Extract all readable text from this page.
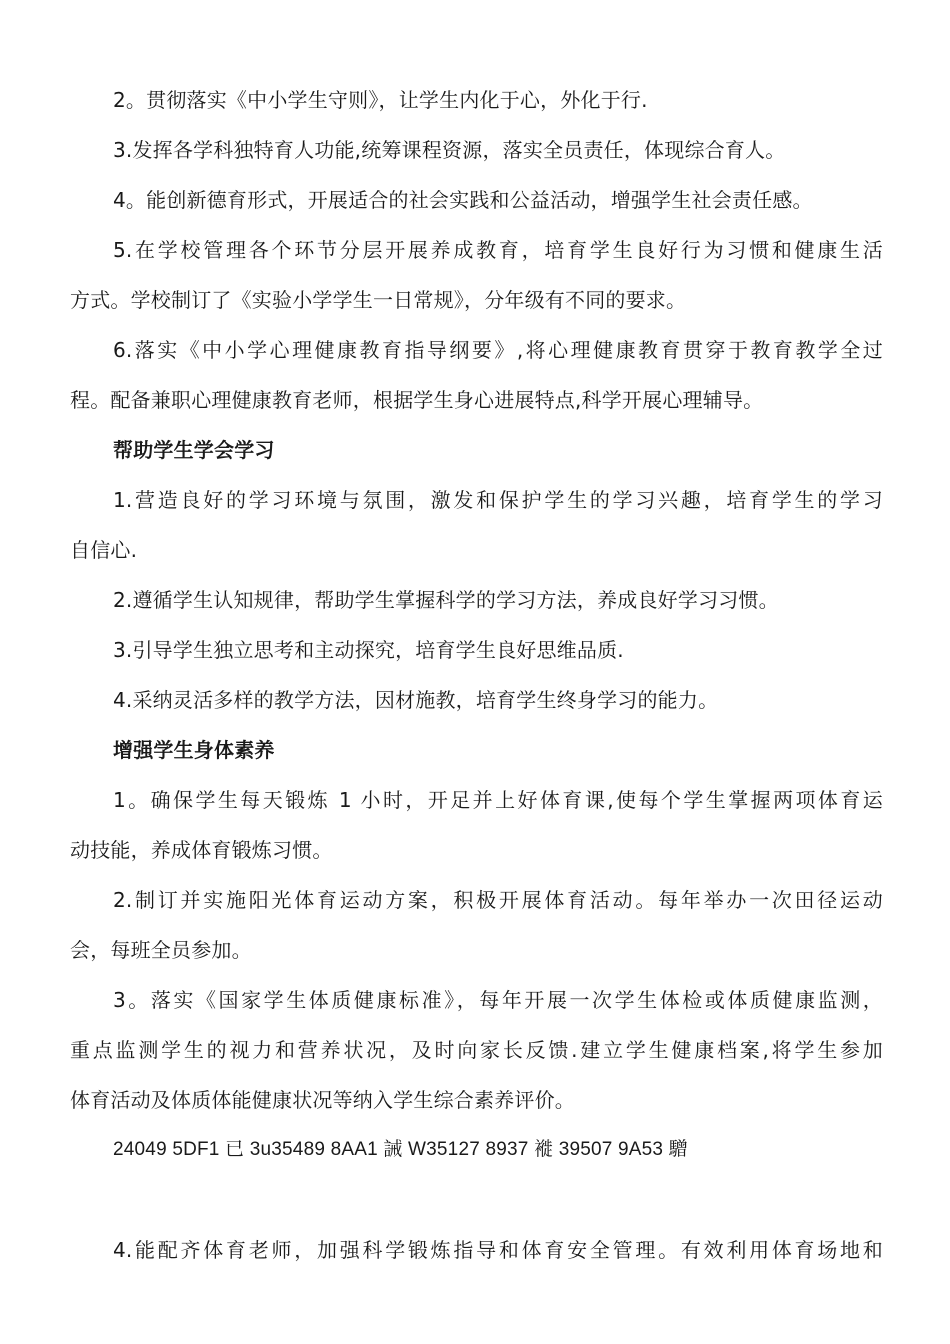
2。贯彻落实《中小学生守则》，让学生内化于心，外化于行.
3.发挥各学科独特育人功能,统筹课程资源，落实全员责任，体现综合育人。
4。能创新德育形式，开展适合的社会实践和公益活动，增强学生社会责任感。
5.在学校管理各个环节分层开展养成教育，培育学生良好行为习惯和健康生活
方式。学校制订了《实验小学学生一日常规》，分年级有不同的要求。
6.落实《中小学心理健康教育指导纲要》,将心理健康教育贯穿于教育教学全过
程。配备兼职心理健康教育老师，根据学生身心进展特点,科学开展心理辅导。
帮助学生学会学习
1.营造良好的学习环境与氛围，激发和保护学生的学习兴趣，培育学生的学习
自信心.
2.遵循学生认知规律，帮助学生掌握科学的学习方法，养成良好学习习惯。
3.引导学生独立思考和主动探究，培育学生良好思维品质.
4.采纳灵活多样的教学方法，因材施教，培育学生终身学习的能力。
增强学生身体素养
1。确保学生每天锻炼 1 小时，开足并上好体育课,使每个学生掌握两项体育运
动技能，养成体育锻炼习惯。
2.制订并实施阳光体育运动方案，积极开展体育活动。每年举办一次田径运动
会，每班全员参加。
3。落实《国家学生体质健康标准》，每年开展一次学生体检或体质健康监测，
重点监测学生的视力和营养状况，及时向家长反馈.建立学生健康档案,将学生参加
体育活动及体质体能健康状况等纳入学生综合素养评价。
24049 5DF1 已 3u35489 8AA1 誡 W35127 8937 褷 39507 9A53 驓
4.能配齐体育老师，加强科学锻炼指导和体育安全管理。有效利用体育场地和
